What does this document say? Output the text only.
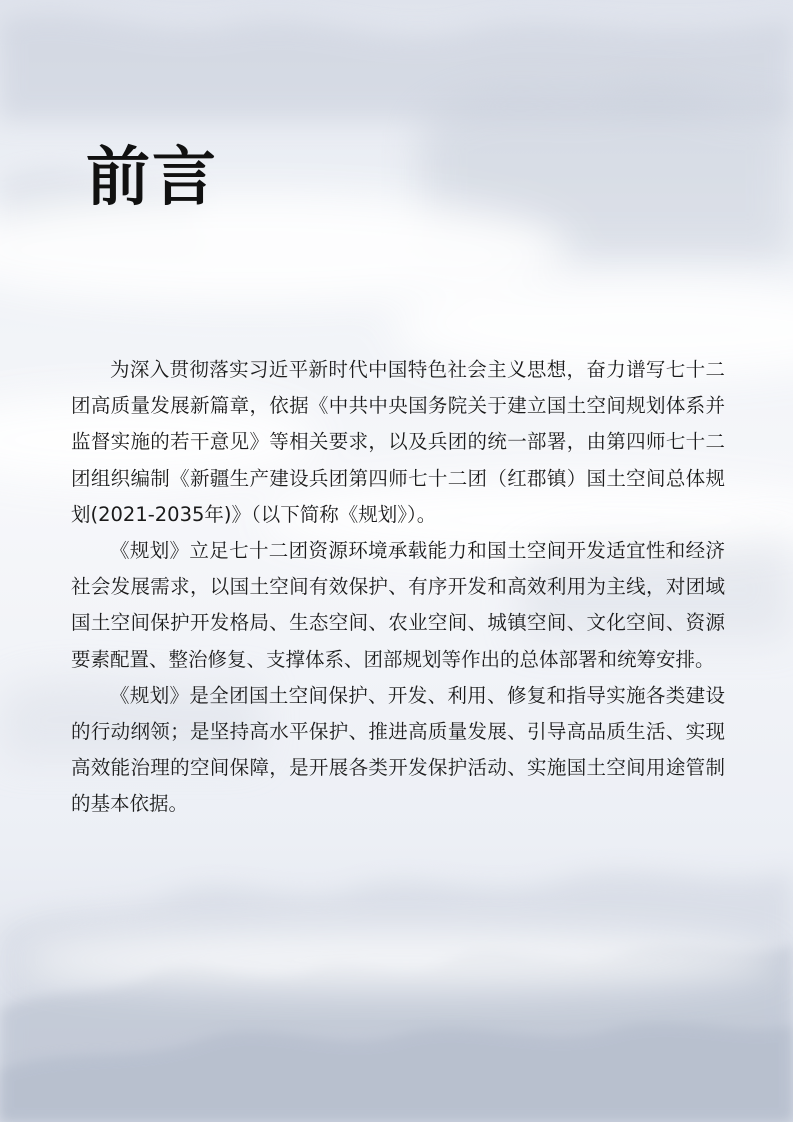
前言

为深入贯彻落实习近平新时代中国特色社会主义思想，奋力谱写七十二团高质量发展新篇章，依据《中共中央国务院关于建立国土空间规划体系并监督实施的若干意见》等相关要求，以及兵团的统一部署，由第四师七十二团组织编制《新疆生产建设兵团第四师七十二团（红郡镇）国土空间总体规划(2021-2035年)》（以下简称《规划》）。

《规划》立足七十二团资源环境承载能力和国土空间开发适宜性和经济社会发展需求，以国土空间有效保护、有序开发和高效利用为主线，对团域国土空间保护开发格局、生态空间、农业空间、城镇空间、文化空间、资源要素配置、整治修复、支撑体系、团部规划等作出的总体部署和统筹安排。

《规划》是全团国土空间保护、开发、利用、修复和指导实施各类建设的行动纲领；是坚持高水平保护、推进高质量发展、引导高品质生活、实现高效能治理的空间保障，是开展各类开发保护活动、实施国土空间用途管制的基本依据。
